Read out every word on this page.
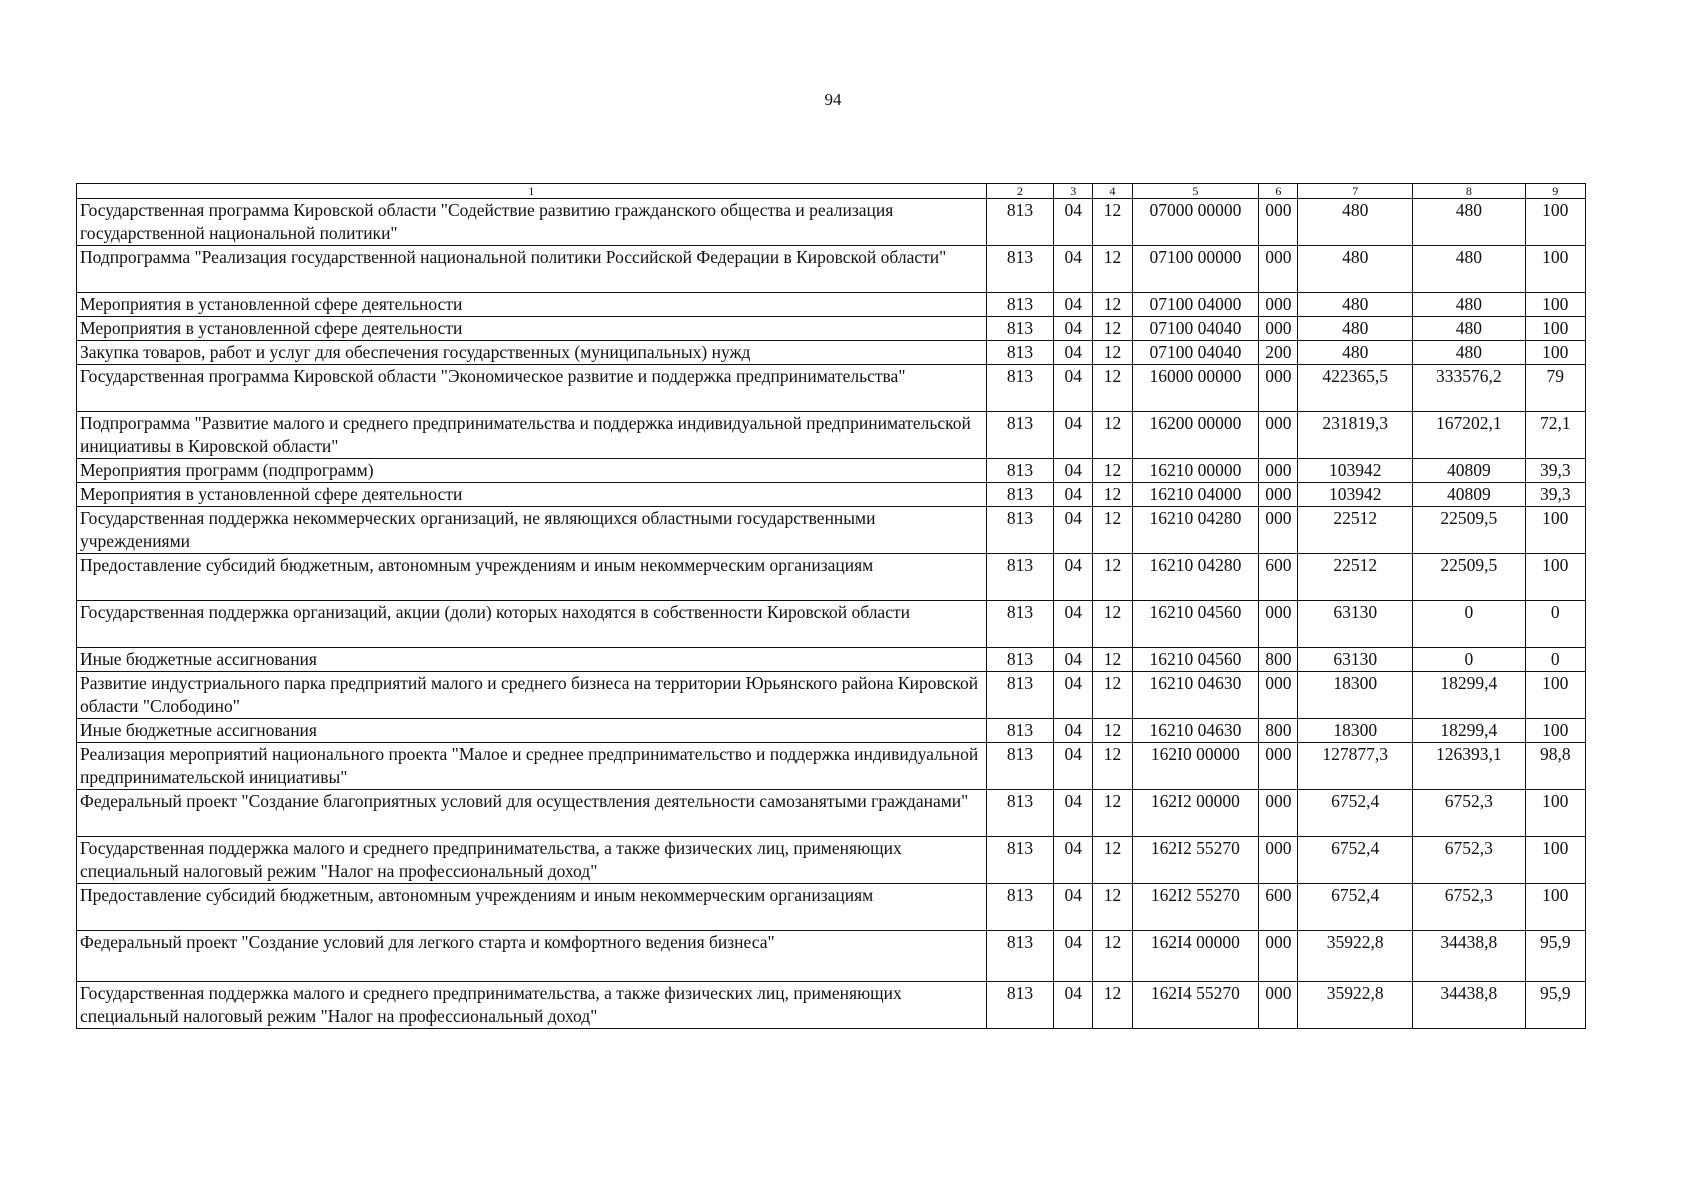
94
1	2	3	4	5	6	7	8	9
Государственная программа Кировской области "Содействие развитию гражданского общества и реализация государственной национальной политики"	813	04	12	07000 00000	000	480	480	100
Подпрограмма "Реализация государственной национальной политики Российской Федерации в Кировской области"	813	04	12	07100 00000	000	480	480	100
Мероприятия в установленной сфере деятельности	813	04	12	07100 04000	000	480	480	100
Мероприятия в установленной сфере деятельности	813	04	12	07100 04040	000	480	480	100
Закупка товаров, работ и услуг для обеспечения государственных (муниципальных) нужд	813	04	12	07100 04040	200	480	480	100
Государственная программа Кировской области "Экономическое развитие и поддержка предпринимательства"	813	04	12	16000 00000	000	422365,5	333576,2	79
Подпрограмма "Развитие малого и среднего предпринимательства и поддержка индивидуальной предпринимательской инициативы в Кировской области"	813	04	12	16200 00000	000	231819,3	167202,1	72,1
Мероприятия программ (подпрограмм)	813	04	12	16210 00000	000	103942	40809	39,3
Мероприятия в установленной сфере деятельности	813	04	12	16210 04000	000	103942	40809	39,3
Государственная поддержка некоммерческих организаций, не являющихся областными государственными учреждениями	813	04	12	16210 04280	000	22512	22509,5	100
Предоставление субсидий бюджетным, автономным учреждениям и иным некоммерческим организациям	813	04	12	16210 04280	600	22512	22509,5	100
Государственная поддержка организаций, акции (доли) которых находятся в собственности Кировской области	813	04	12	16210 04560	000	63130	0	0
Иные бюджетные ассигнования	813	04	12	16210 04560	800	63130	0	0
Развитие индустриального парка предприятий малого и среднего бизнеса на территории Юрьянского района Кировской области "Слободино"	813	04	12	16210 04630	000	18300	18299,4	100
Иные бюджетные ассигнования	813	04	12	16210 04630	800	18300	18299,4	100
Реализация мероприятий национального проекта "Малое и среднее предпринимательство и поддержка индивидуальной предпринимательской инициативы"	813	04	12	162I0 00000	000	127877,3	126393,1	98,8
Федеральный проект "Создание благоприятных условий для осуществления деятельности самозанятыми гражданами"	813	04	12	162I2 00000	000	6752,4	6752,3	100
Государственная поддержка малого и среднего предпринимательства, а также физических лиц, применяющих специальный налоговый режим "Налог на профессиональный доход"	813	04	12	162I2 55270	000	6752,4	6752,3	100
Предоставление субсидий бюджетным, автономным учреждениям и иным некоммерческим организациям	813	04	12	162I2 55270	600	6752,4	6752,3	100
Федеральный проект "Создание условий для легкого старта и комфортного ведения бизнеса"	813	04	12	162I4 00000	000	35922,8	34438,8	95,9
Государственная поддержка малого и среднего предпринимательства, а также физических лиц, применяющих специальный налоговый режим "Налог на профессиональный доход"	813	04	12	162I4 55270	000	35922,8	34438,8	95,9
